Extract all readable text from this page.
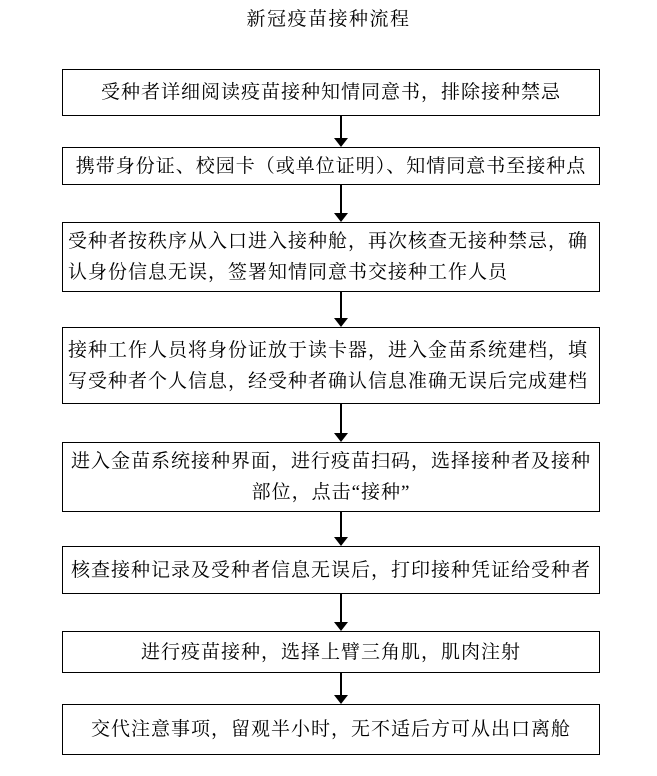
新冠疫苗接种流程
受种者详细阅读疫苗接种知情同意书，排除接种禁忌
携带身份证、校园卡（或单位证明）、知情同意书至接种点
受种者按秩序从入口进入接种舱，再次核查无接种禁忌，确
认身份信息无误，签署知情同意书交接种工作人员
接种工作人员将身份证放于读卡器，进入金苗系统建档，填
写受种者个人信息，经受种者确认信息准确无误后完成建档
进入金苗系统接种界面，进行疫苗扫码，选择接种者及接种
部位，点击“接种”
核查接种记录及受种者信息无误后，打印接种凭证给受种者
进行疫苗接种，选择上臂三角肌，肌肉注射
交代注意事项，留观半小时，无不适后方可从出口离舱
